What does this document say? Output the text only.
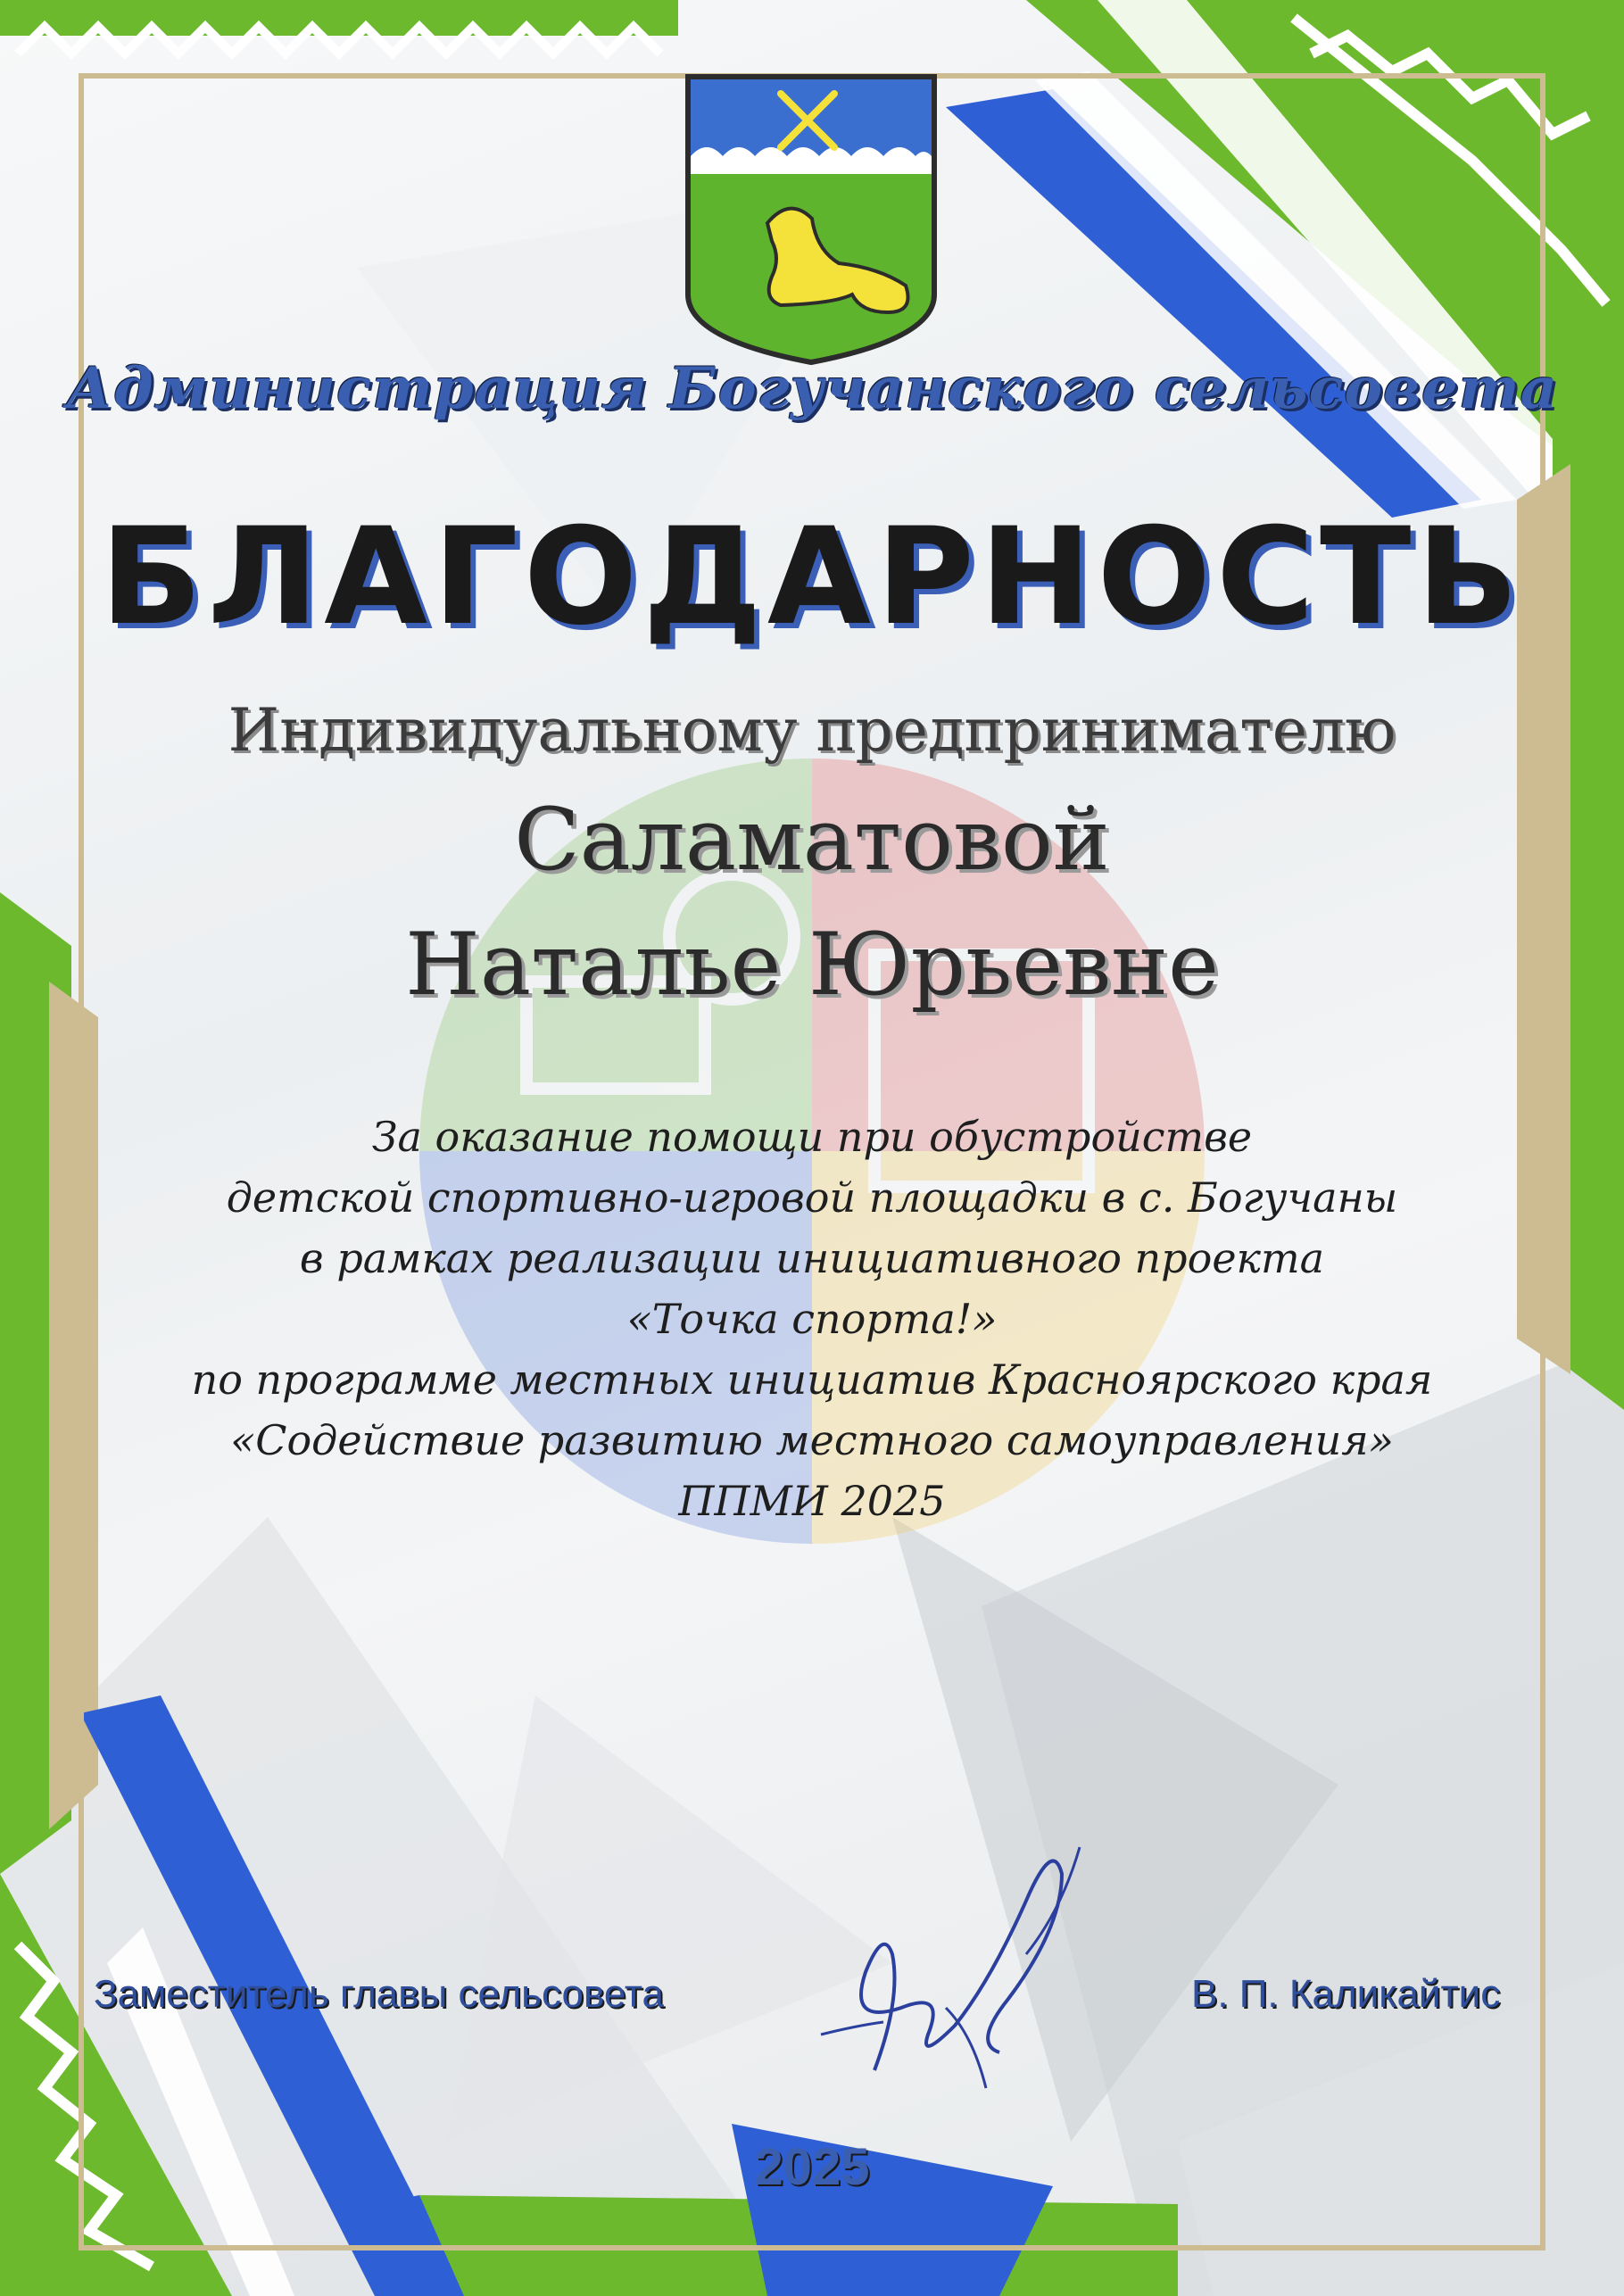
Администрация Богучанского сельсовета
БЛАГОДАРНОСТЬ
Индивидуальному предпринимателю
Саламатовой
Наталье Юрьевне
За оказание помощи при обустройстве
детской спортивно-игровой площадки в с. Богучаны
в рамках реализации инициативного проекта
«Точка спорта!»
по программе местных инициатив Красноярского края
«Содействие развитию местного самоуправления»
ППМИ 2025
Заместитель главы сельсовета	В. П. Каликайтис
2025
